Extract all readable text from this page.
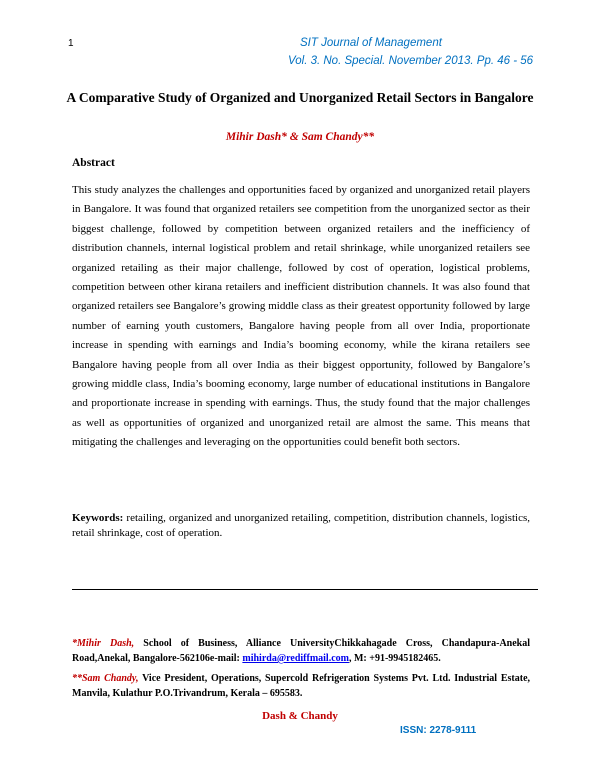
1	SIT Journal of Management
Vol. 3. No. Special. November 2013. Pp. 46 - 56
A Comparative Study of Organized and Unorganized Retail Sectors in Bangalore
Mihir Dash* & Sam Chandy**
Abstract
This study analyzes the challenges and opportunities faced by organized and unorganized retail players in Bangalore. It was found that organized retailers see competition from the unorganized sector as their biggest challenge, followed by competition between organized retailers and the inefficiency of distribution channels, internal logistical problem and retail shrinkage, while unorganized retailers see organized retailing as their major challenge, followed by cost of operation, logistical problems, competition between other kirana retailers and inefficient distribution channels. It was also found that organized retailers see Bangalore’s growing middle class as their greatest opportunity followed by large number of earning youth customers, Bangalore having people from all over India, proportionate increase in spending with earnings and India’s booming economy, while the kirana retailers see Bangalore having people from all over India as their biggest opportunity, followed by Bangalore’s growing middle class, India’s booming economy, large number of educational institutions in Bangalore and proportionate increase in spending with earnings. Thus, the study found that the major challenges as well as opportunities of organized and unorganized retail are almost the same. This means that mitigating the challenges and leveraging on the opportunities could benefit both sectors.
Keywords: retailing, organized and unorganized retailing, competition, distribution channels, logistics, retail shrinkage, cost of operation.
*Mihir Dash, School of Business, Alliance UniversityChikkahagade Cross, Chandapura-Anekal Road,Anekal, Bangalore-562106e-mail: mihirda@rediffmail.com, M: +91-9945182465.
**Sam Chandy, Vice President, Operations, Supercold Refrigeration Systems Pvt. Ltd. Industrial Estate, Manvila, Kulathur P.O.Trivandrum, Kerala – 695583.
Dash & Chandy
ISSN: 2278-9111
